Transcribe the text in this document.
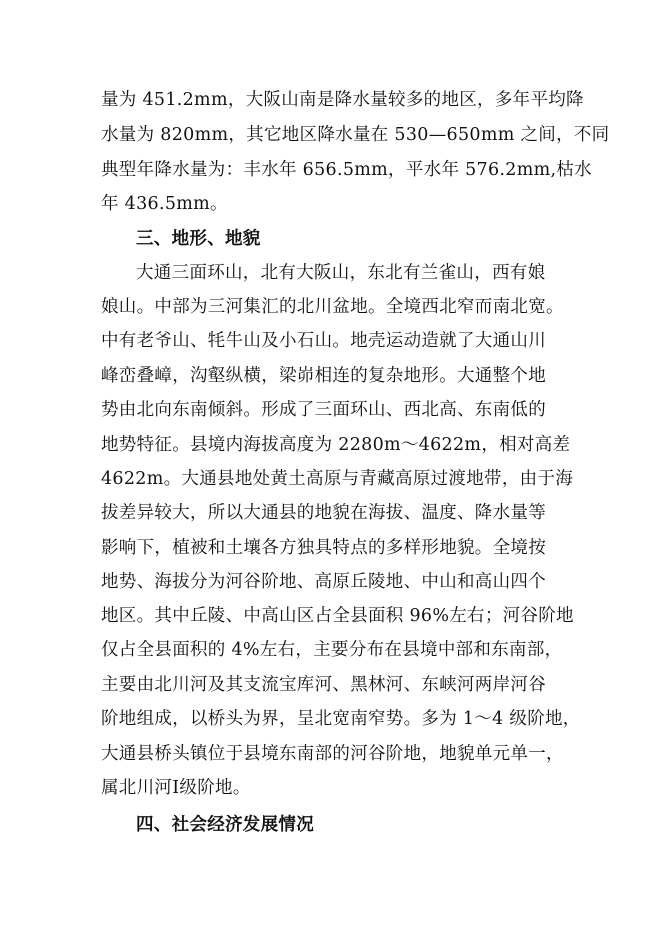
量为 451.2mm，大阪山南是降水量较多的地区，多年平均降
水量为 820mm，其它地区降水量在 530—650mm 之间，不同
典型年降水量为：丰水年 656.5mm，平水年 576.2mm,枯水
年 436.5mm。
三、地形、地貌
大通三面环山，北有大阪山，东北有兰雀山，西有娘
娘山。中部为三河集汇的北川盆地。全境西北窄而南北宽。
中有老爷山、牦牛山及小石山。地壳运动造就了大通山川
峰峦叠嶂，沟壑纵横，梁峁相连的复杂地形。大通整个地
势由北向东南倾斜。形成了三面环山、西北高、东南低的
地势特征。县境内海拔高度为 2280m～4622m，相对高差
4622m。大通县地处黄土高原与青藏高原过渡地带，由于海
拔差异较大，所以大通县的地貌在海拔、温度、降水量等
影响下，植被和土壤各方独具特点的多样形地貌。全境按
地势、海拔分为河谷阶地、高原丘陵地、中山和高山四个
地区。其中丘陵、中高山区占全县面积 96%左右；河谷阶地
仅占全县面积的 4%左右，主要分布在县境中部和东南部，
主要由北川河及其支流宝库河、黑林河、东峡河两岸河谷
阶地组成，以桥头为界，呈北宽南窄势。多为 1～4 级阶地，
大通县桥头镇位于县境东南部的河谷阶地，地貌单元单一，
属北川河Ⅰ级阶地。
四、社会经济发展情况
